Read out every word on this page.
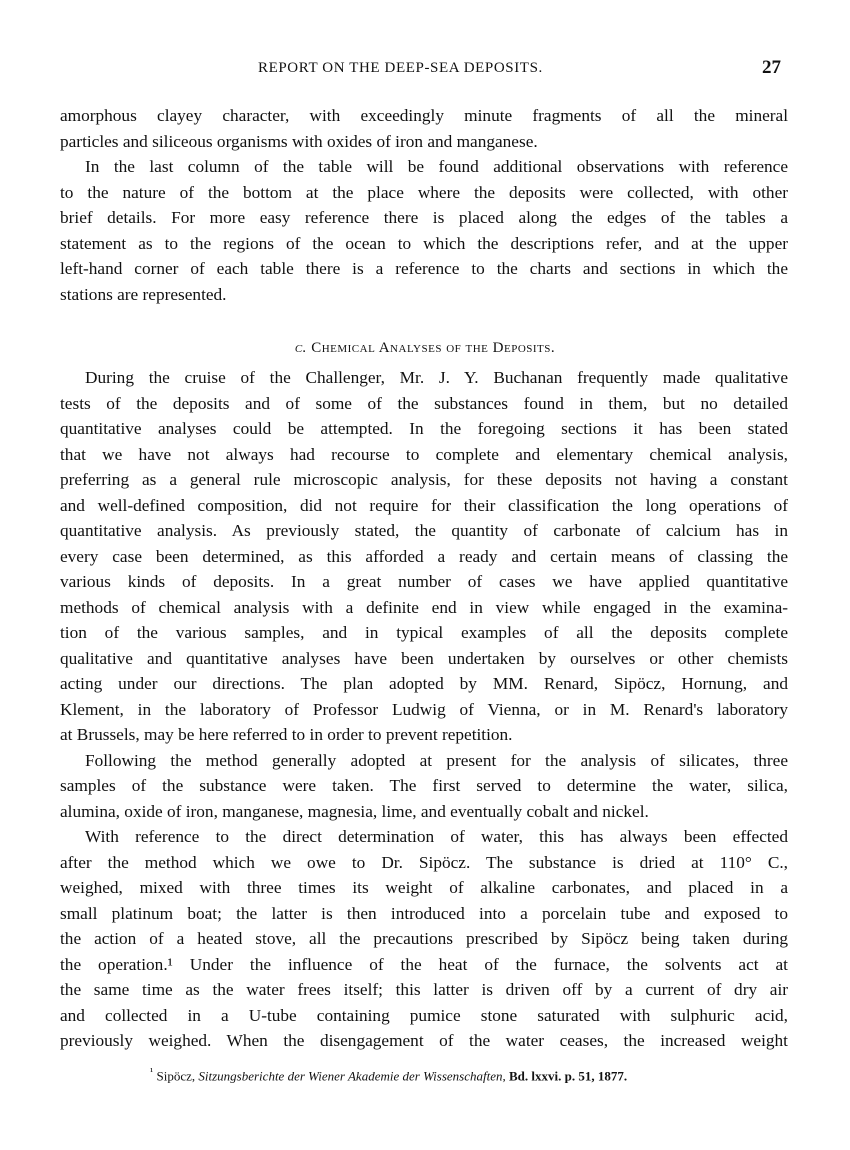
REPORT ON THE DEEP-SEA DEPOSITS.	27
amorphous clayey character, with exceedingly minute fragments of all the mineral
particles and siliceous organisms with oxides of iron and manganese.
In the last column of the table will be found additional observations with reference
to the nature of the bottom at the place where the deposits were collected, with other
brief details. For more easy reference there is placed along the edges of the tables a
statement as to the regions of the ocean to which the descriptions refer, and at the upper
left-hand corner of each table there is a reference to the charts and sections in which the
stations are represented.
During the cruise of the Challenger, Mr. J. Y. Buchanan frequently made qualitative
tests of the deposits and of some of the substances found in them, but no detailed
quantitative analyses could be attempted. In the foregoing sections it has been stated
that we have not always had recourse to complete and elementary chemical analysis,
preferring as a general rule microscopic analysis, for these deposits not having a constant
and well-defined composition, did not require for their classification the long operations of
quantitative analysis. As previously stated, the quantity of carbonate of calcium has in
every case been determined, as this afforded a ready and certain means of classing the
various kinds of deposits. In a great number of cases we have applied quantitative
methods of chemical analysis with a definite end in view while engaged in the examina-
tion of the various samples, and in typical examples of all the deposits complete
qualitative and quantitative analyses have been undertaken by ourselves or other chemists
acting under our directions. The plan adopted by MM. Renard, Sipöcz, Hornung, and
Klement, in the laboratory of Professor Ludwig of Vienna, or in M. Renard's laboratory
at Brussels, may be here referred to in order to prevent repetition.
Following the method generally adopted at present for the analysis of silicates, three
samples of the substance were taken. The first served to determine the water, silica,
alumina, oxide of iron, manganese, magnesia, lime, and eventually cobalt and nickel.
With reference to the direct determination of water, this has always been effected
after the method which we owe to Dr. Sipöcz. The substance is dried at 110° C.,
weighed, mixed with three times its weight of alkaline carbonates, and placed in a
small platinum boat; the latter is then introduced into a porcelain tube and exposed to
the action of a heated stove, all the precautions prescribed by Sipöcz being taken during
the operation.¹ Under the influence of the heat of the furnace, the solvents act at
the same time as the water frees itself; this latter is driven off by a current of dry air
and collected in a U-tube containing pumice stone saturated with sulphuric acid,
previously weighed. When the disengagement of the water ceases, the increased weight
c. Chemical Analyses of the Deposits.
$^{^1}$ Sipöcz, Sitzungsberichte der Wiener Akademie der Wissenschaften, Bd. lxxvi. p. 51, 1877.
